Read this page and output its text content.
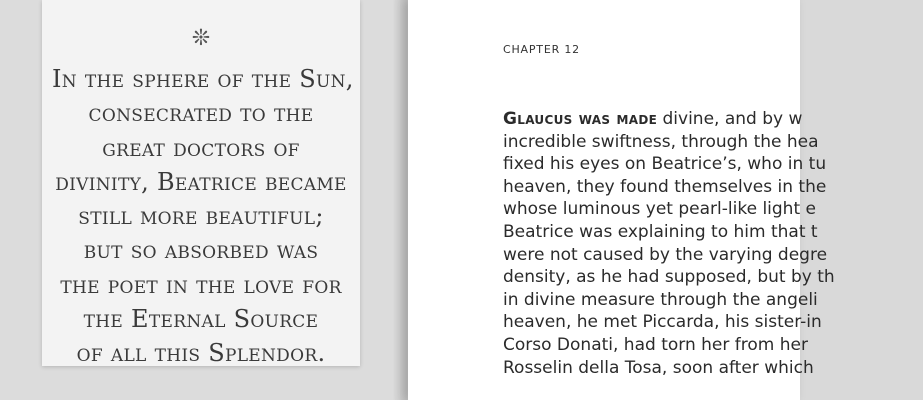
❊
In the sphere of the Sun,
consecrated to the
great doctors of
divinity, Beatrice became
still more beautiful;
but so absorbed was
the poet in the love for
the Eternal Source
of all this Splendor.
CHAPTER 12
Glaucus was made divine, and by w
incredible swiftness, through the hea
fixed his eyes on Beatrice’s, who in tu
heaven, they found themselves in the
whose luminous yet pearl-like light e
Beatrice was explaining to him that t
were not caused by the varying degre
density, as he had supposed, but by th
in divine measure through the angeli
heaven, he met Piccarda, his sister-in
Corso Donati, had torn her from her
Rosselin della Tosa, soon after which
